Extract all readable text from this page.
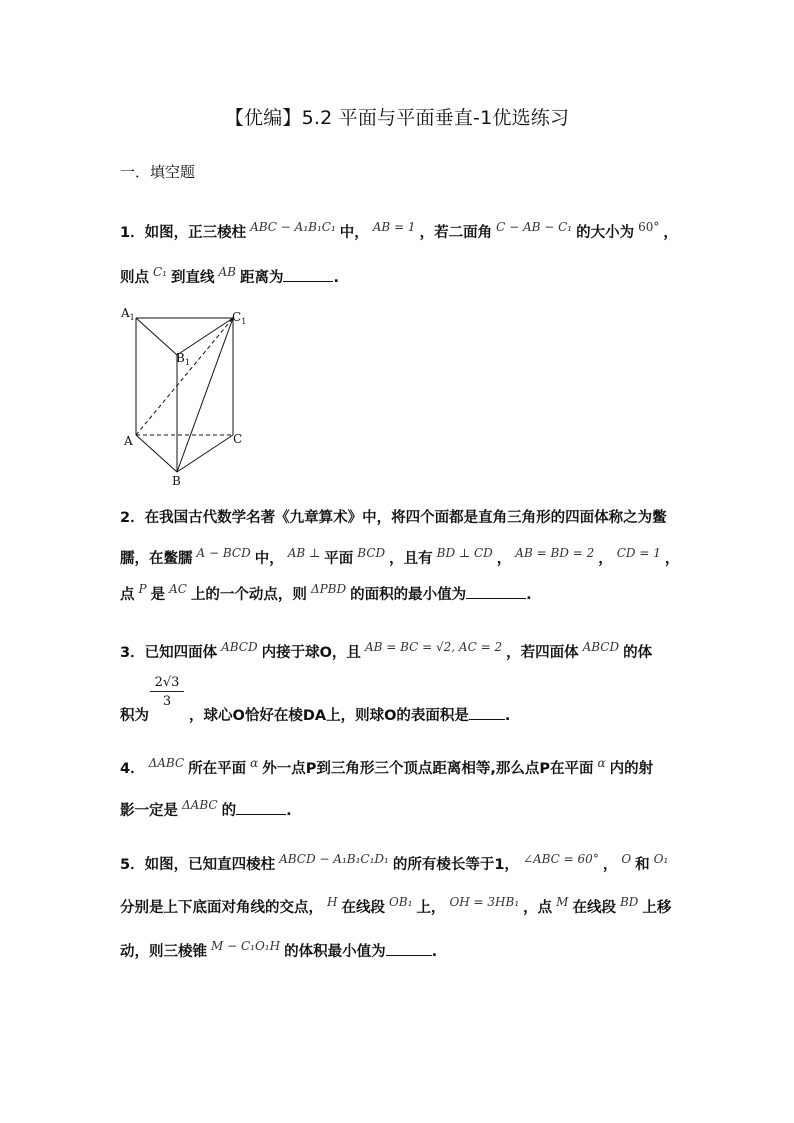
【优编】5.2 平面与平面垂直-1优选练习
一．填空题
1．如图，正三棱柱 $^{ABC - A_1B_1C_1}$ 中， $^{AB = 1}$ ，若二面角 $^{C - AB - C_1}$ 的大小为 $^{60^\circ}$ ，
则点 $^{C_1}$ 到直线 $^{AB}$ 距离为	.
$A_1$
$B_1$
$C_1$
A
B
C
2．在我国古代数学名著《九章算术》中，将四个面都是直角三角形的四面体称之为鳖
臑，在鳖臑 $^{A - BCD}$ 中， $^{AB \perp}$ 平面 $^{BCD}$ ，且有 $^{BD \perp CD}$ ， $^{AB = BD = 2}$ ， $^{CD = 1}$ ，
点 $^P$ 是 $^{AC}$ 上的一个动点，则 $^{\Delta PBD}$ 的面积的最小值为	.
3．已知四面体 $^{ABCD}$ 内接于球O，且 $^{AB = BC = √2, AC = 2}$ ，若四面体 $^{ABCD}$ 的体
$\frac{2√3}{3}$
积为	，球心O恰好在棱DA上，则球O的表面积是 .
4． $^{\Delta ABC}$ 所在平面 $^\alpha$ 外一点P到三角形三个顶点距离相等,那么点P在平面 $^\alpha$ 内的射
影一定是 $^{\Delta ABC}$ 的	.
5．如图，已知直四棱柱 $^{ABCD - A_1B_1C_1D_1}$ 的所有棱长等于1， $^{\angle ABC = 60^\circ}$ ， $^O$ 和 $^{O_1}$
分别是上下底面对角线的交点， $^H$ 在线段 $^{OB_1}$ 上， $^{OH = 3HB_1}$ ，点 $^M$ 在线段 $^{BD}$ 上移
动，则三棱锥 $^{M - C_1O_1H}$ 的体积最小值为	.
